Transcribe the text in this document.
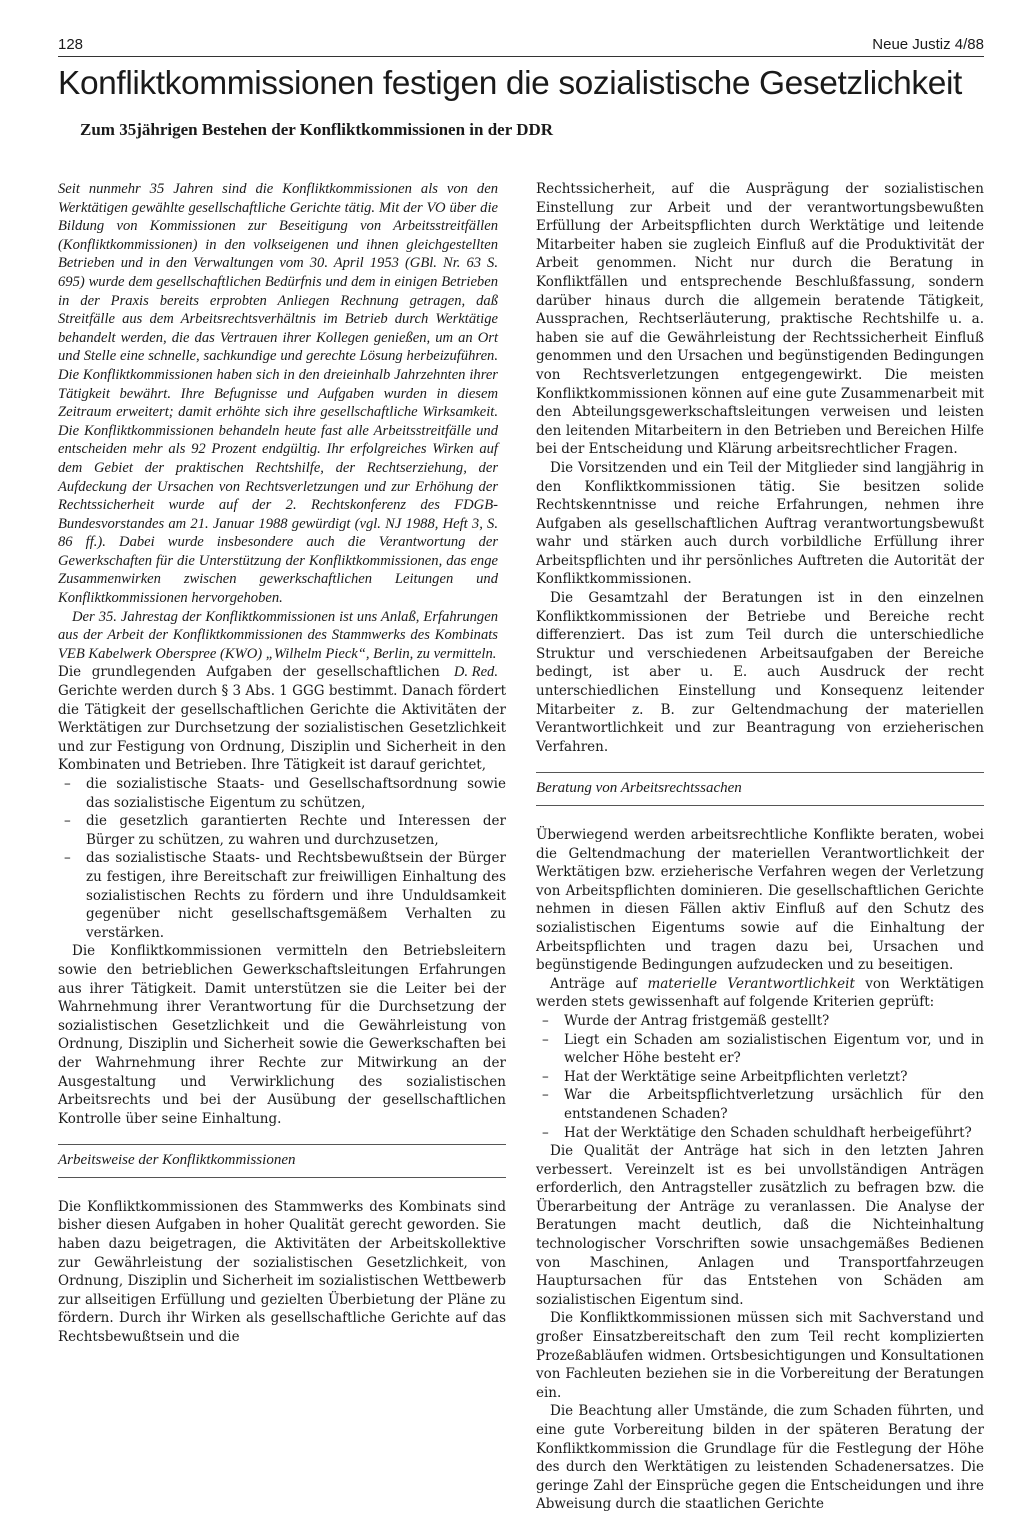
128	Neue Justiz 4/88
Konfliktkommissionen festigen die sozialistische Gesetzlichkeit
Zum 35jährigen Bestehen der Konfliktkommissionen in der DDR

Seit nunmehr 35 Jahren sind die Konfliktkommissionen als von den Werktätigen gewählte gesellschaftliche Gerichte tätig. Mit der VO über die Bildung von Kommissionen zur Beseitigung von Arbeitsstreitfällen (Konfliktkommissionen) in den volkseigenen und ihnen gleichgestellten Betrieben und in den Verwaltungen vom 30. April 1953 (GBl. Nr. 63 S. 695) wurde dem gesellschaftlichen Bedürfnis und dem in einigen Betrieben in der Praxis bereits erprobten Anliegen Rechnung getragen, daß Streitfälle aus dem Arbeitsrechtsverhältnis im Betrieb durch Werktätige behandelt werden, die das Vertrauen ihrer Kollegen genießen, um an Ort und Stelle eine schnelle, sachkundige und gerechte Lösung herbeizuführen. Die Konfliktkommissionen haben sich in den dreieinhalb Jahrzehnten ihrer Tätigkeit bewährt. Ihre Befugnisse und Aufgaben wurden in diesem Zeitraum erweitert; damit erhöhte sich ihre gesellschaftliche Wirksamkeit. Die Konfliktkommissionen behandeln heute fast alle Arbeitsstreitfälle und entscheiden mehr als 92 Prozent endgültig. Ihr erfolgreiches Wirken auf dem Gebiet der praktischen Rechtshilfe, der Rechtserziehung, der Aufdeckung der Ursachen von Rechtsverletzungen und zur Erhöhung der Rechtssicherheit wurde auf der 2. Rechtskonferenz des FDGB-Bundesvorstandes am 21. Januar 1988 gewürdigt (vgl. NJ 1988, Heft 3, S. 86 ff.). Dabei wurde insbesondere auch die Verantwortung der Gewerkschaften für die Unterstützung der Konfliktkommissionen, das enge Zusammenwirken zwischen gewerkschaftlichen Leitungen und Konfliktkommissionen hervorgehoben.

Der 35. Jahrestag der Konfliktkommissionen ist uns Anlaß, Erfahrungen aus der Arbeit der Konfliktkommissionen des Stammwerks des Kombinats VEB Kabelwerk Oberspree (KWO) „Wilhelm Pieck“, Berlin, zu vermitteln.
D. Red.

Die grundlegenden Aufgaben der gesellschaftlichen Gerichte werden durch § 3 Abs. 1 GGG bestimmt. Danach fördert die Tätigkeit der gesellschaftlichen Gerichte die Aktivitäten der Werktätigen zur Durchsetzung der sozialistischen Gesetzlichkeit und zur Festigung von Ordnung, Disziplin und Sicherheit in den Kombinaten und Betrieben. Ihre Tätigkeit ist darauf gerichtet,

– die sozialistische Staats- und Gesellschaftsordnung sowie das sozialistische Eigentum zu schützen,
– die gesetzlich garantierten Rechte und Interessen der Bürger zu schützen, zu wahren und durchzusetzen,
– das sozialistische Staats- und Rechtsbewußtsein der Bürger zu festigen, ihre Bereitschaft zur freiwilligen Einhaltung des sozialistischen Rechts zu fördern und ihre Unduldsamkeit gegenüber nicht gesellschaftsgemäßem Verhalten zu verstärken.

Die Konfliktkommissionen vermitteln den Betriebsleitern sowie den betrieblichen Gewerkschaftsleitungen Erfahrungen aus ihrer Tätigkeit. Damit unterstützen sie die Leiter bei der Wahrnehmung ihrer Verantwortung für die Durchsetzung der sozialistischen Gesetzlichkeit und die Gewährleistung von Ordnung, Disziplin und Sicherheit sowie die Gewerkschaften bei der Wahrnehmung ihrer Rechte zur Mitwirkung an der Ausgestaltung und Verwirklichung des sozialistischen Arbeitsrechts und bei der Ausübung der gesellschaftlichen Kontrolle über seine Einhaltung.

Arbeitsweise der Konfliktkommissionen

Die Konfliktkommissionen des Stammwerks des Kombinats sind bisher diesen Aufgaben in hoher Qualität gerecht geworden. Sie haben dazu beigetragen, die Aktivitäten der Arbeitskollektive zur Gewährleistung der sozialistischen Gesetzlichkeit, von Ordnung, Disziplin und Sicherheit im sozialistischen Wettbewerb zur allseitigen Erfüllung und gezielten Überbietung der Pläne zu fördern. Durch ihr Wirken als gesellschaftliche Gerichte auf das Rechtsbewußtsein und die

Rechtssicherheit, auf die Ausprägung der sozialistischen Einstellung zur Arbeit und der verantwortungsbewußten Erfüllung der Arbeitspflichten durch Werktätige und leitende Mitarbeiter haben sie zugleich Einfluß auf die Produktivität der Arbeit genommen. Nicht nur durch die Beratung in Konfliktfällen und entsprechende Beschlußfassung, sondern darüber hinaus durch die allgemein beratende Tätigkeit, Aussprachen, Rechtserläuterung, praktische Rechtshilfe u. a. haben sie auf die Gewährleistung der Rechtssicherheit Einfluß genommen und den Ursachen und begünstigenden Bedingungen von Rechtsverletzungen entgegengewirkt. Die meisten Konfliktkommissionen können auf eine gute Zusammenarbeit mit den Abteilungsgewerkschaftsleitungen verweisen und leisten den leitenden Mitarbeitern in den Betrieben und Bereichen Hilfe bei der Entscheidung und Klärung arbeitsrechtlicher Fragen.

Die Vorsitzenden und ein Teil der Mitglieder sind langjährig in den Konfliktkommissionen tätig. Sie besitzen solide Rechtskenntnisse und reiche Erfahrungen, nehmen ihre Aufgaben als gesellschaftlichen Auftrag verantwortungsbewußt wahr und stärken auch durch vorbildliche Erfüllung ihrer Arbeitspflichten und ihr persönliches Auftreten die Autorität der Konfliktkommissionen.

Die Gesamtzahl der Beratungen ist in den einzelnen Konfliktkommissionen der Betriebe und Bereiche recht differenziert. Das ist zum Teil durch die unterschiedliche Struktur und verschiedenen Arbeitsaufgaben der Bereiche bedingt, ist aber u. E. auch Ausdruck der recht unterschiedlichen Einstellung und Konsequenz leitender Mitarbeiter z. B. zur Geltendmachung der materiellen Verantwortlichkeit und zur Beantragung von erzieherischen Verfahren.

Beratung von Arbeitsrechtssachen

Überwiegend werden arbeitsrechtliche Konflikte beraten, wobei die Geltendmachung der materiellen Verantwortlichkeit der Werktätigen bzw. erzieherische Verfahren wegen der Verletzung von Arbeitspflichten dominieren. Die gesellschaftlichen Gerichte nehmen in diesen Fällen aktiv Einfluß auf den Schutz des sozialistischen Eigentums sowie auf die Einhaltung der Arbeitspflichten und tragen dazu bei, Ursachen und begünstigende Bedingungen aufzudecken und zu beseitigen.

Anträge auf materielle Verantwortlichkeit von Werktätigen werden stets gewissenhaft auf folgende Kriterien geprüft:

– Wurde der Antrag fristgemäß gestellt?
– Liegt ein Schaden am sozialistischen Eigentum vor, und in welcher Höhe besteht er?
– Hat der Werktätige seine Arbeitpflichten verletzt?
– War die Arbeitspflichtverletzung ursächlich für den entstandenen Schaden?
– Hat der Werktätige den Schaden schuldhaft herbeigeführt?

Die Qualität der Anträge hat sich in den letzten Jahren verbessert. Vereinzelt ist es bei unvollständigen Anträgen erforderlich, den Antragsteller zusätzlich zu befragen bzw. die Überarbeitung der Anträge zu veranlassen. Die Analyse der Beratungen macht deutlich, daß die Nichteinhaltung technologischer Vorschriften sowie unsachgemäßes Bedienen von Maschinen, Anlagen und Transportfahrzeugen Hauptursachen für das Entstehen von Schäden am sozialistischen Eigentum sind.

Die Konfliktkommissionen müssen sich mit Sachverstand und großer Einsatzbereitschaft den zum Teil recht komplizierten Prozeßabläufen widmen. Ortsbesichtigungen und Konsultationen von Fachleuten beziehen sie in die Vorbereitung der Beratungen ein.

Die Beachtung aller Umstände, die zum Schaden führten, und eine gute Vorbereitung bilden in der späteren Beratung der Konfliktkommission die Grundlage für die Festlegung der Höhe des durch den Werktätigen zu leistenden Schadenersatzes. Die geringe Zahl der Einsprüche gegen die Entscheidungen und ihre Abweisung durch die staatlichen Gerichte
